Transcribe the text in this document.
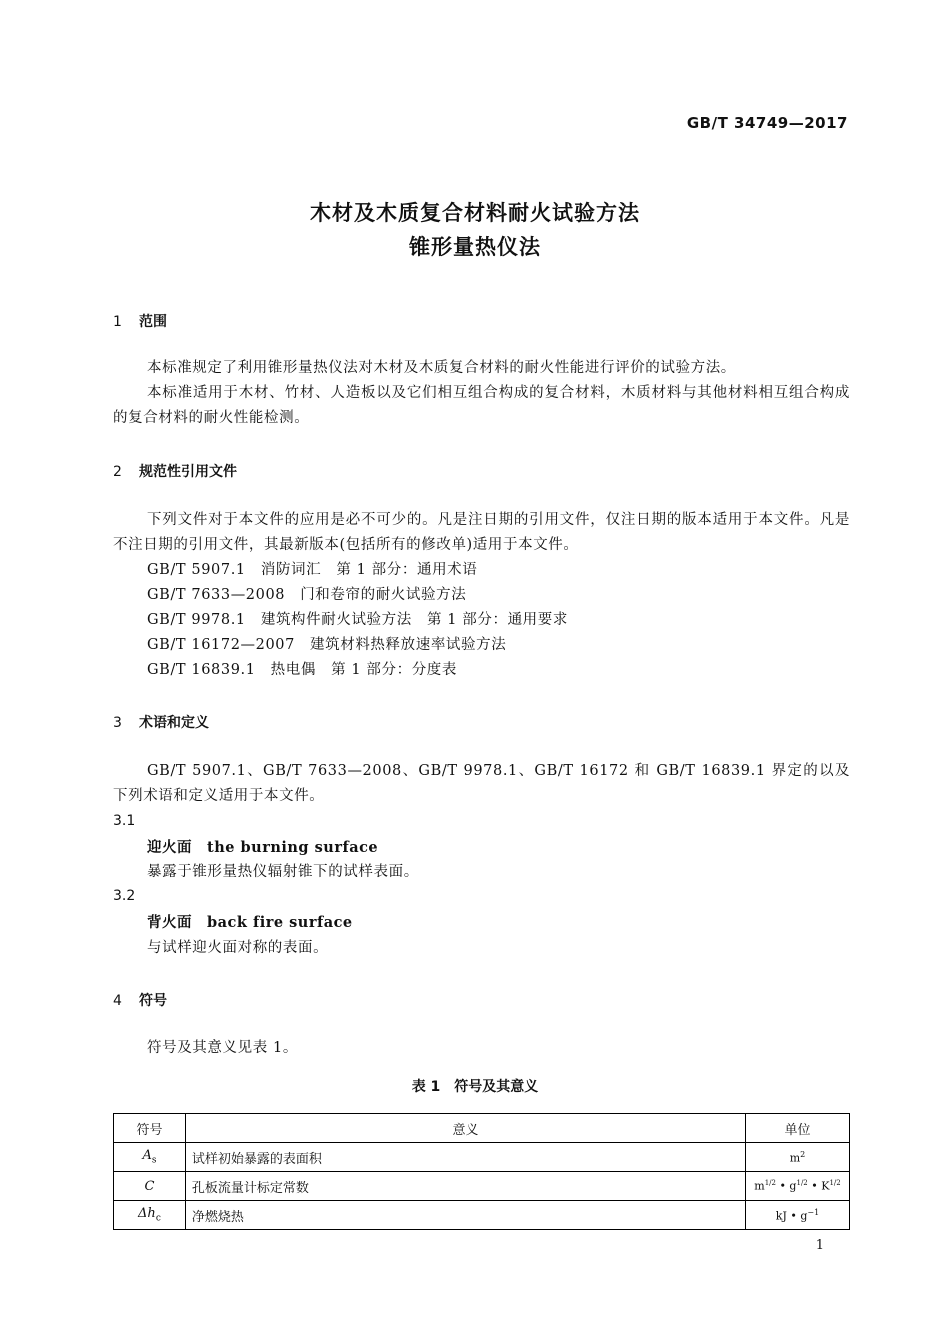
GB/T 34749—2017
木材及木质复合材料耐火试验方法
锥形量热仪法
1 范围
本标准规定了利用锥形量热仪法对木材及木质复合材料的耐火性能进行评价的试验方法。
本标准适用于木材、竹材、人造板以及它们相互组合构成的复合材料，木质材料与其他材料相互组合构成的复合材料的耐火性能检测。
2 规范性引用文件
下列文件对于本文件的应用是必不可少的。凡是注日期的引用文件，仅注日期的版本适用于本文件。凡是不注日期的引用文件，其最新版本(包括所有的修改单)适用于本文件。
GB/T 5907.1　消防词汇　第 1 部分：通用术语
GB/T 7633—2008　门和卷帘的耐火试验方法
GB/T 9978.1　建筑构件耐火试验方法　第 1 部分：通用要求
GB/T 16172—2007　建筑材料热释放速率试验方法
GB/T 16839.1　热电偶　第 1 部分：分度表
3 术语和定义
GB/T 5907.1、GB/T 7633—2008、GB/T 9978.1、GB/T 16172 和 GB/T 16839.1 界定的以及下列术语和定义适用于本文件。
3.1
迎火面　the burning surface
暴露于锥形量热仪辐射锥下的试样表面。
3.2
背火面　back fire surface
与试样迎火面对称的表面。
4 符号
符号及其意义见表 1。
表 1　符号及其意义
符号	意义	单位
$A_s$	试样初始暴露的表面积	$m^2$
C	孔板流量计标定常数	$m^{1/2}$ • $g^{1/2}$ • $K^{1/2}$
$\Delta h_c$	净燃烧热	kJ • $g^{-1}$
1
